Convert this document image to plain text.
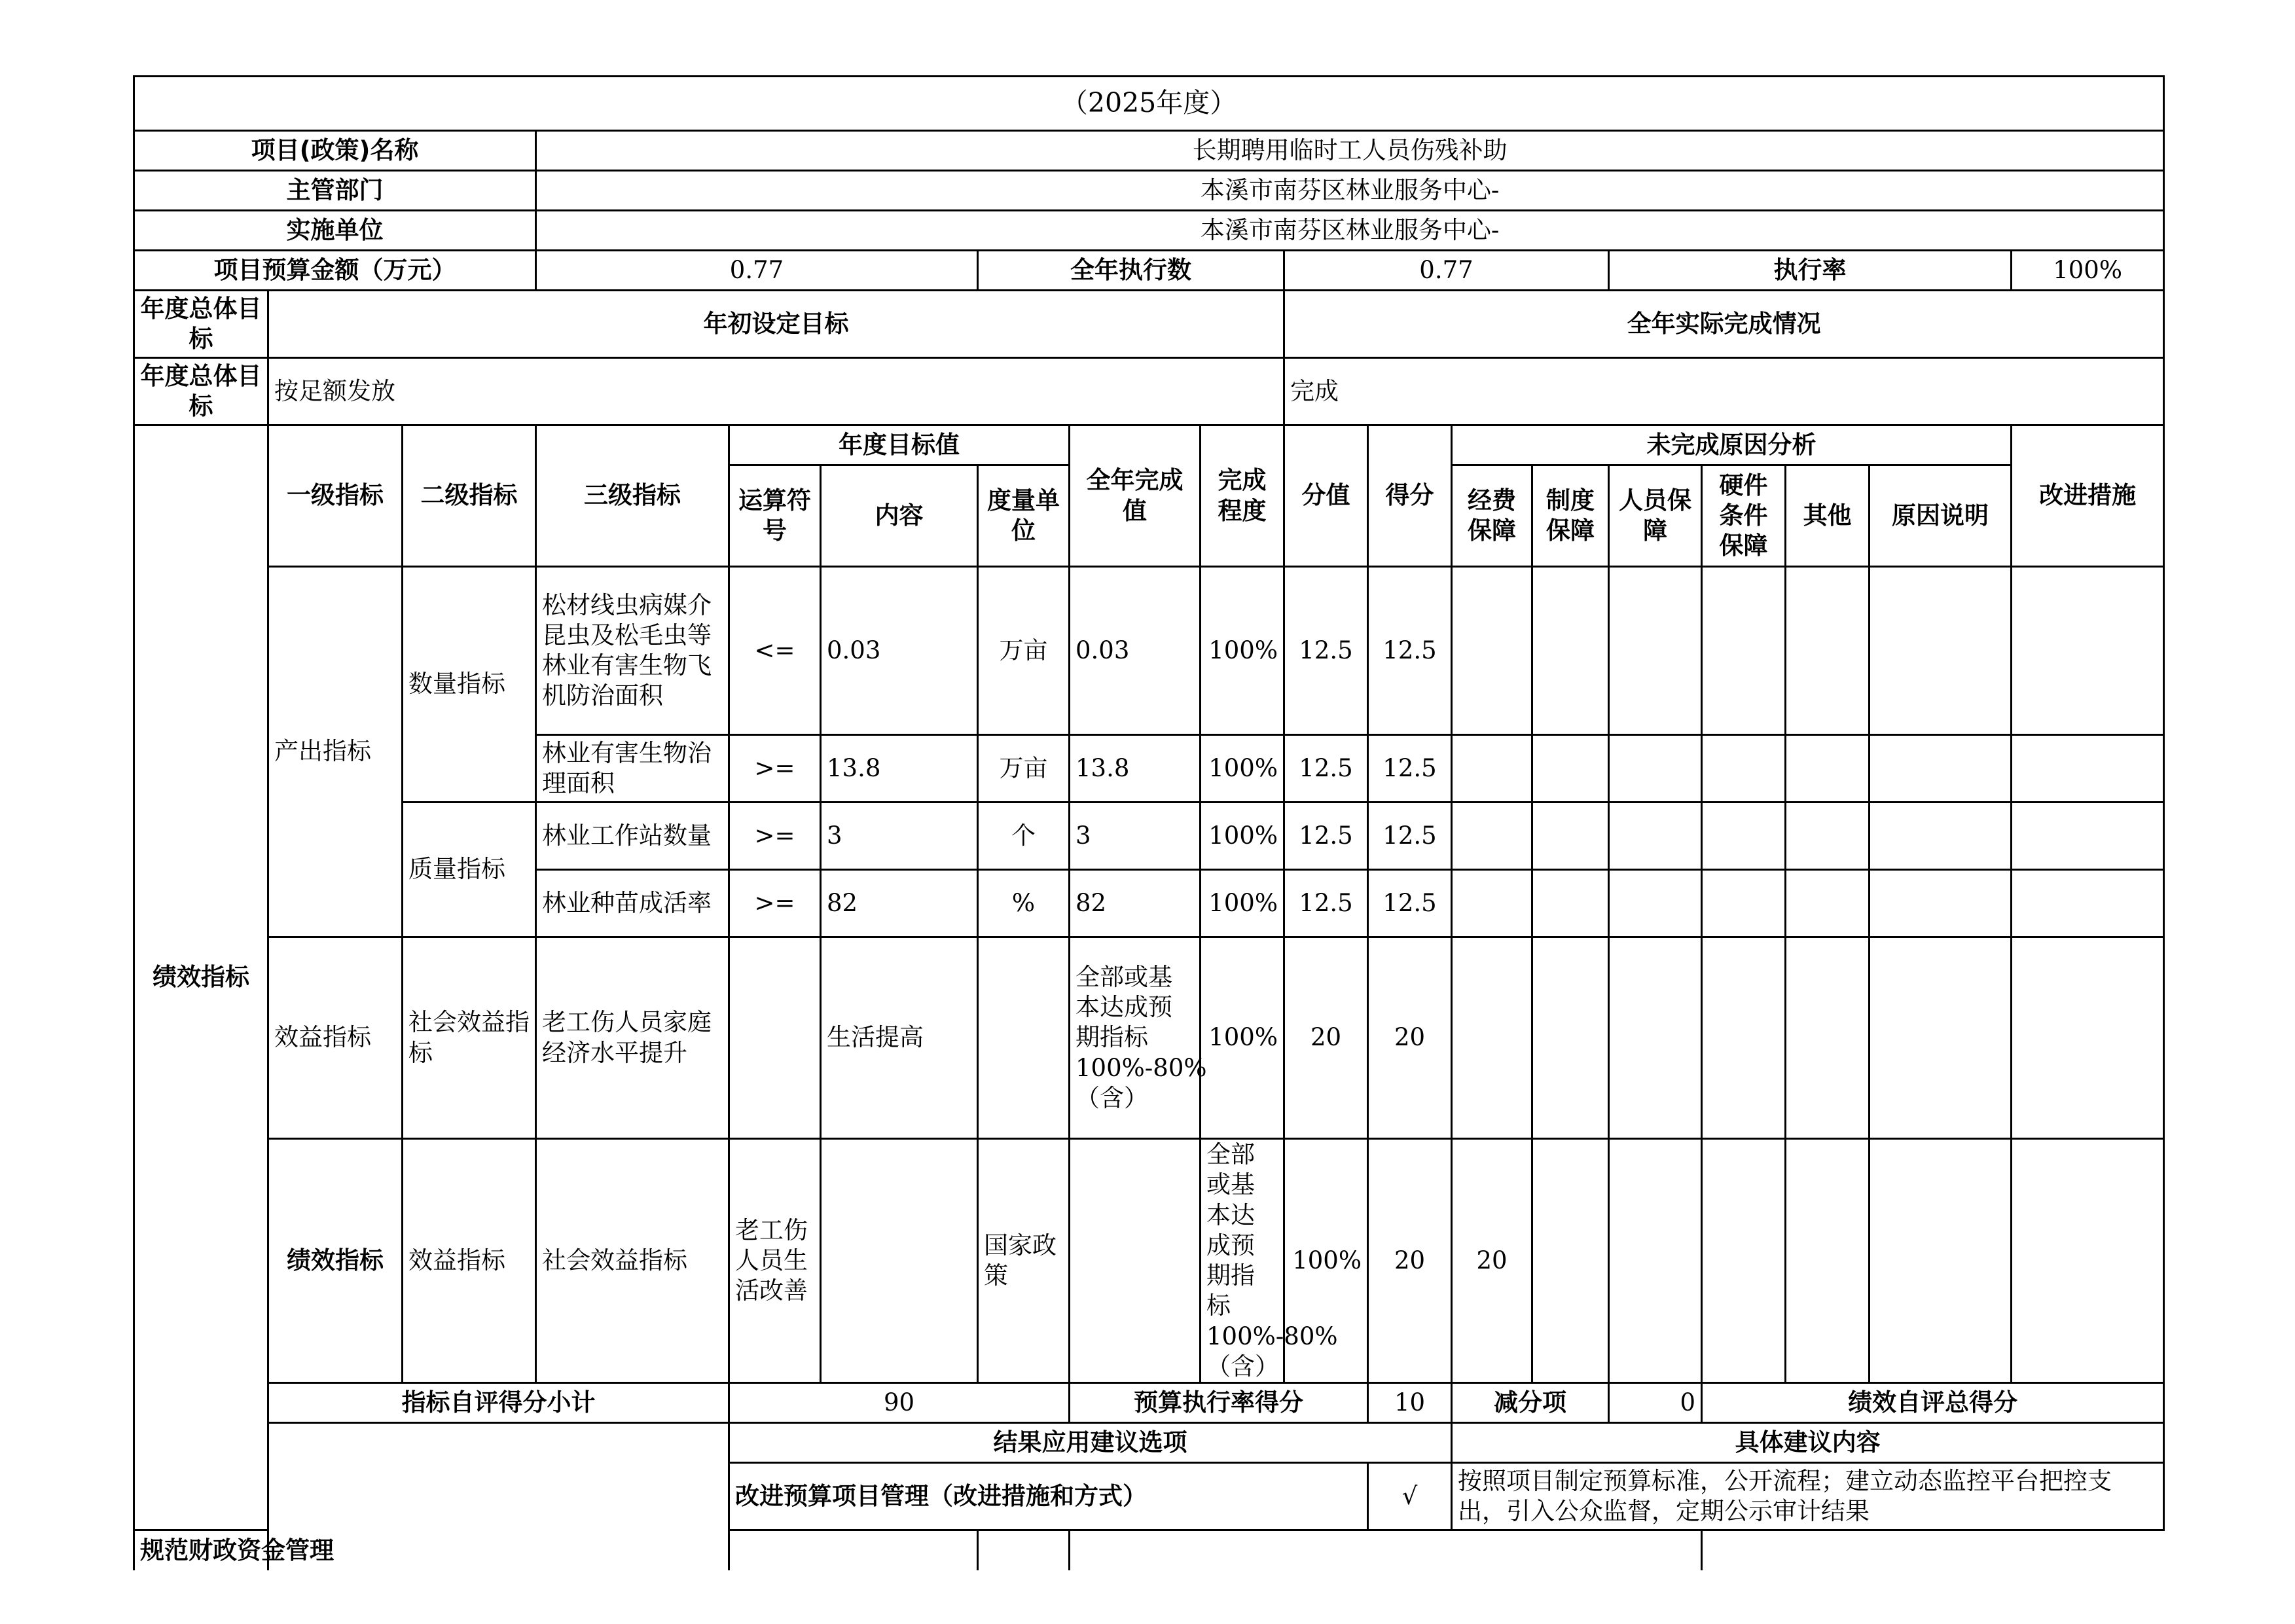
（2025年度）																		
项目(政策)名称			长期聘用临时工人员伤残补助															
主管部门			本溪市南芬区林业服务中心-															
实施单位			本溪市南芬区林业服务中心-															
项目预算金额（万元）			0.77			全年执行数			0.77				执行率				100%	
年度总体目标	年初设定目标								全年实际完成情况									
年度总体目标	按足额发放								完成									
绩效指标	一级指标	二级指标	三级指标	年度目标值			全年完成值	完成程度	分值	得分	未完成原因分析						改进措施	
				运算符号	内容	度量单位					经费保障	制度保障	人员保障	硬件条件保障	其他	原因说明		
	产出指标	数量指标	松材线虫病媒介昆虫及松毛虫等林业有害生物飞机防治面积	<=	0.03	万亩	0.03	100%	12.5	12.5								
			林业有害生物治理面积	>=	13.8	万亩	13.8	100%	12.5	12.5								
		质量指标	林业工作站数量	>=	3	个	3	100%	12.5	12.5								
			林业种苗成活率	>=	82	%	82	100%	12.5	12.5								
	效益指标	社会效益指标	老工伤人员家庭经济水平提升		生活提高		全部或基本达成预期指标100%-80%（含）	100%	20	20								
	绩效指标	效益指标	社会效益指标	老工伤人员生活改善		国家政策		全部或基本达成预期指标100%-80%（含）	100%	20	20							
	指标自评得分小计			90			预算执行率得分			10	减分项		0	绩效自评总得分	
				结果应用建议选项							具体建议内容							
				改进预算项目管理（改进措施和方式）						√	按照项目制定预算标准，公开流程；建立动态监控平台把控支出，引入公众监督，定期公示审计结果							
规范财政资金管理																		
